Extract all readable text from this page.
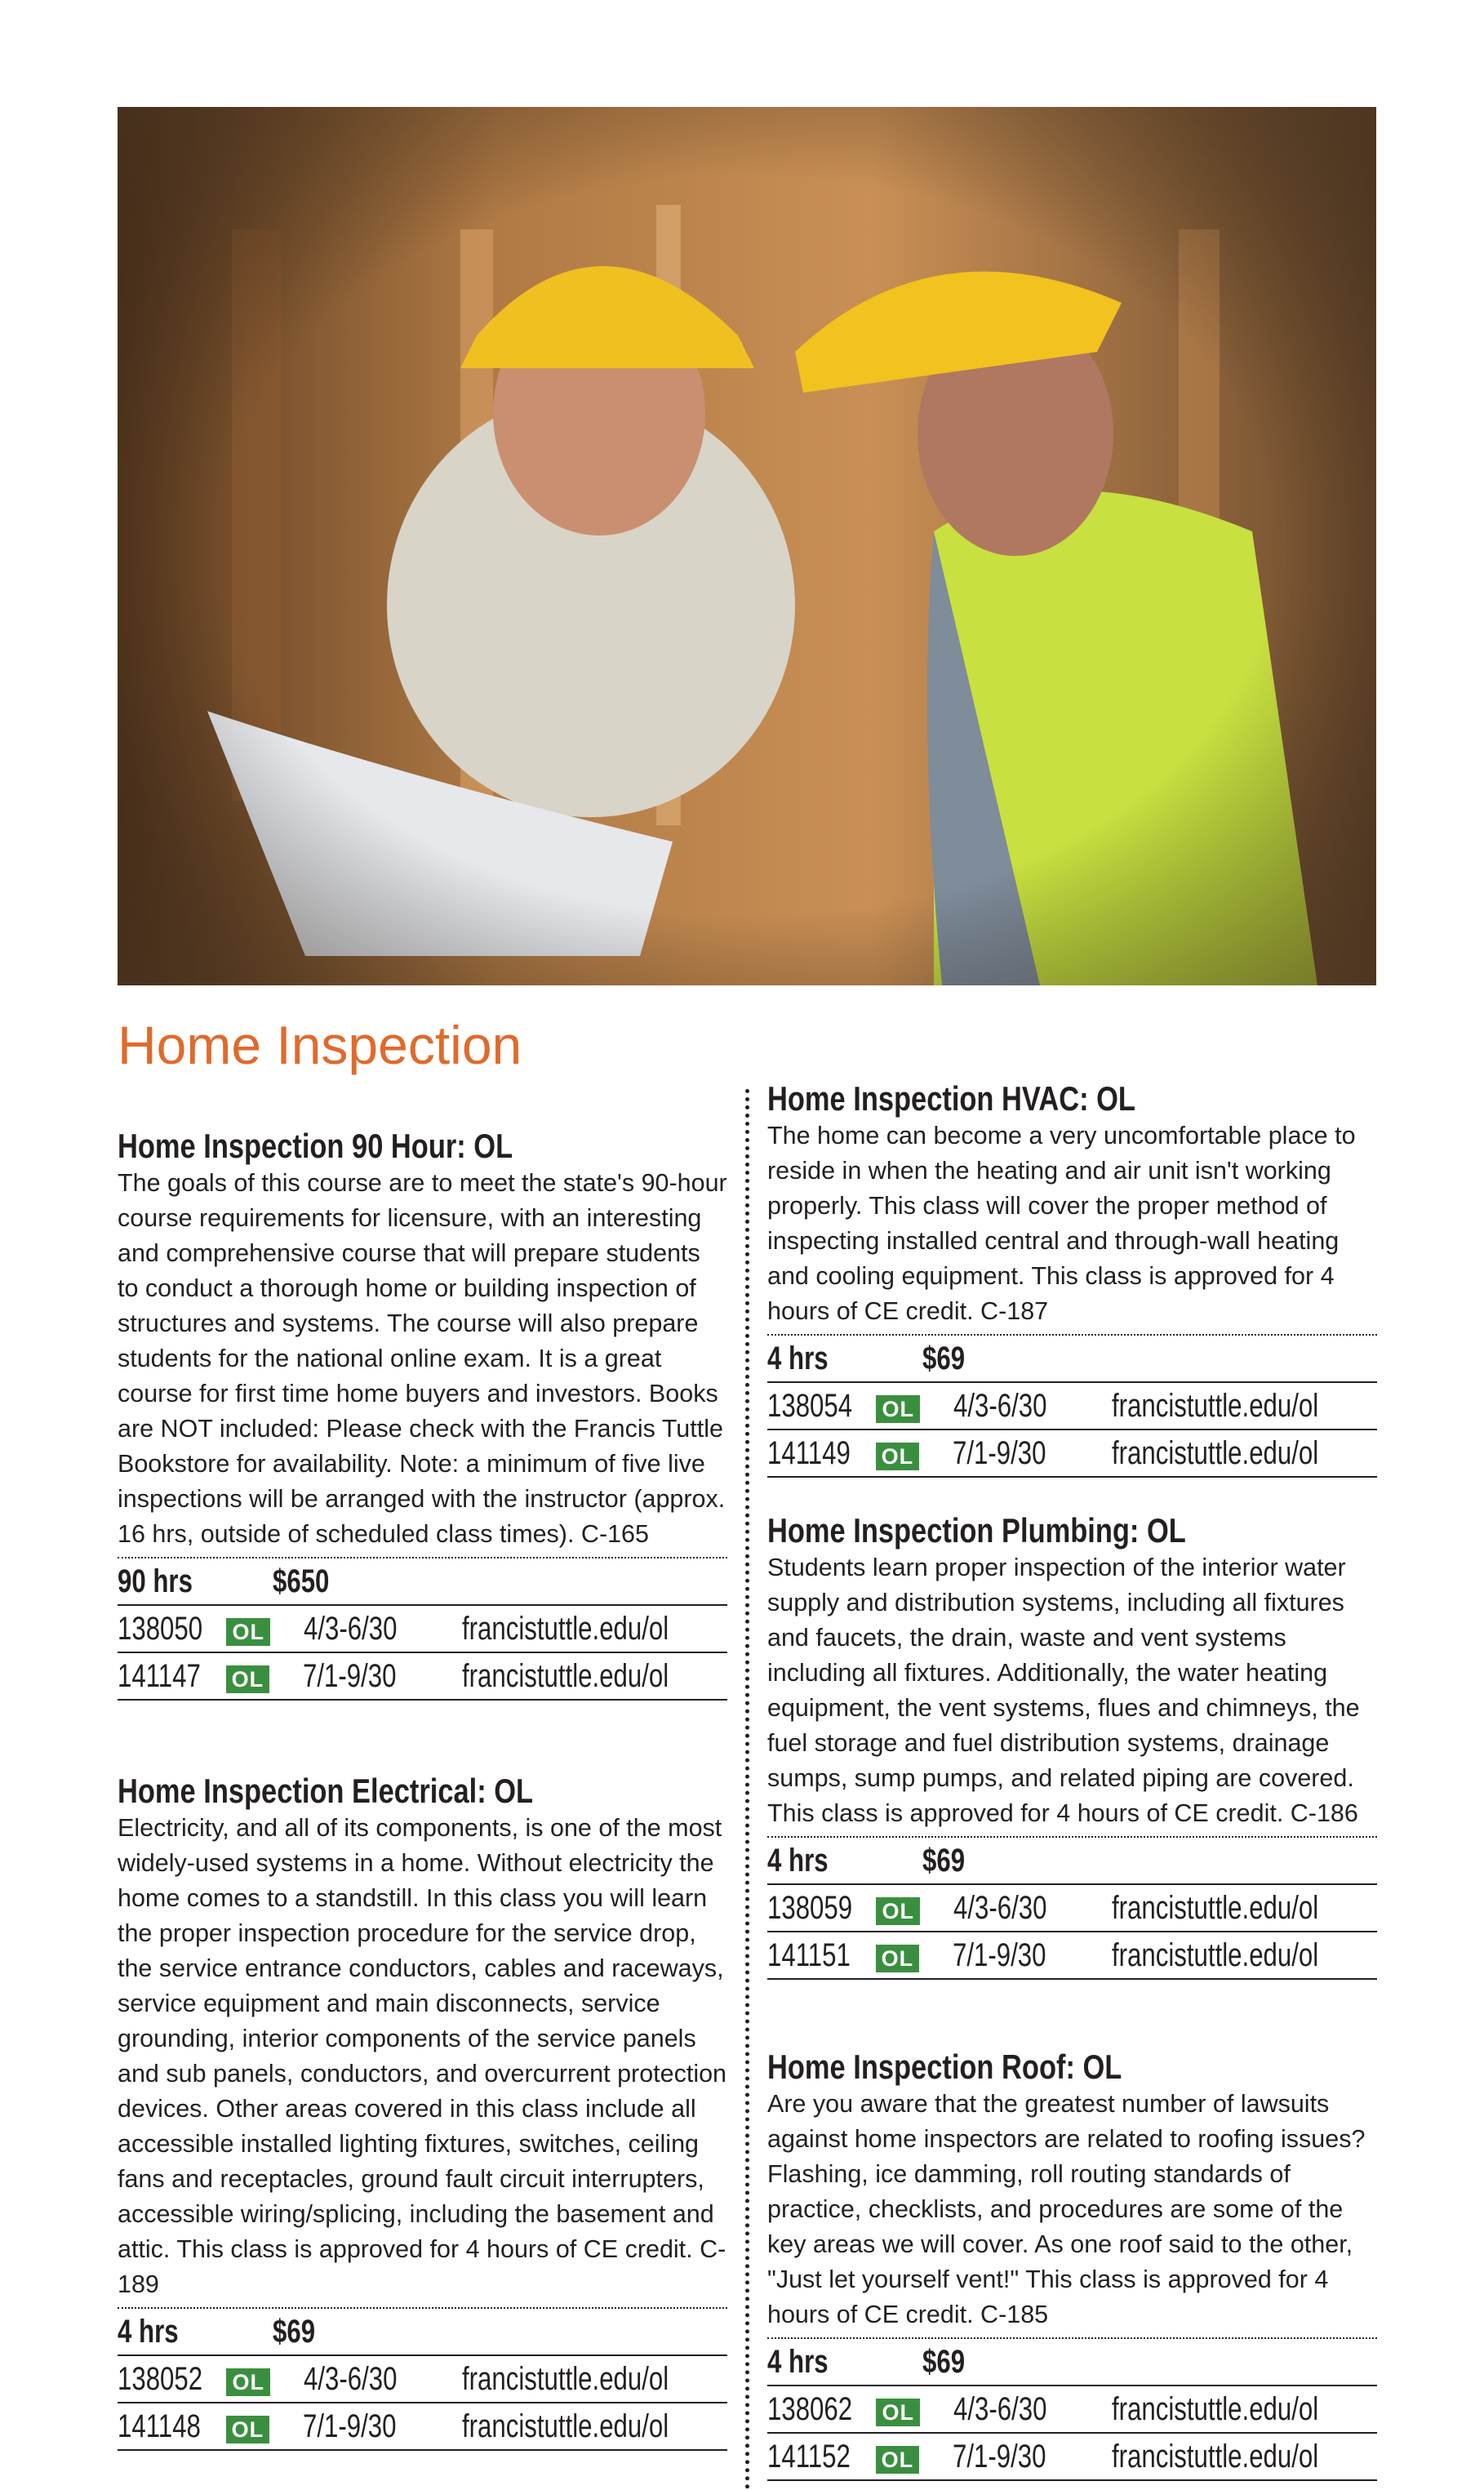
Home Inspection
Home Inspection 90 Hour: OL

The goals of this course are to meet the state's 90-hour course requirements for licensure, with an interesting and comprehensive course that will prepare students to conduct a thorough home or building inspection of structures and systems. The course will also prepare students for the national online exam. It is a great course for first time home buyers and investors. Books are NOT included: Please check with the Francis Tuttle Bookstore for availability. Note: a minimum of five live inspections will be arranged with the instructor (approx. 16 hrs, outside of scheduled class times). C-165

90 hrs	$650
138050	OL	4/3-6/30	francistuttle.edu/ol
141147	OL	7/1-9/30	francistuttle.edu/ol
Home Inspection Electrical: OL

Electricity, and all of its components, is one of the most widely-used systems in a home. Without electricity the home comes to a standstill. In this class you will learn the proper inspection procedure for the service drop, the service entrance conductors, cables and raceways, service equipment and main disconnects, service grounding, interior components of the service panels and sub panels, conductors, and overcurrent protection devices. Other areas covered in this class include all accessible installed lighting fixtures, switches, ceiling fans and receptacles, ground fault circuit interrupters, accessible wiring/splicing, including the basement and attic. This class is approved for 4 hours of CE credit. C-189

4 hrs	$69
138052	OL	4/3-6/30	francistuttle.edu/ol
141148	OL	7/1-9/30	francistuttle.edu/ol
Home Inspection HVAC: OL

The home can become a very uncomfortable place to reside in when the heating and air unit isn't working properly. This class will cover the proper method of inspecting installed central and through-wall heating and cooling equipment. This class is approved for 4 hours of CE credit. C-187

4 hrs	$69
138054	OL	4/3-6/30	francistuttle.edu/ol
141149	OL	7/1-9/30	francistuttle.edu/ol
Home Inspection Plumbing: OL

Students learn proper inspection of the interior water supply and distribution systems, including all fixtures and faucets, the drain, waste and vent systems including all fixtures. Additionally, the water heating equipment, the vent systems, flues and chimneys, the fuel storage and fuel distribution systems, drainage sumps, sump pumps, and related piping are covered. This class is approved for 4 hours of CE credit. C-186

4 hrs	$69
138059	OL	4/3-6/30	francistuttle.edu/ol
141151	OL	7/1-9/30	francistuttle.edu/ol
Home Inspection Roof: OL

Are you aware that the greatest number of lawsuits against home inspectors are related to roofing issues? Flashing, ice damming, roll routing standards of practice, checklists, and procedures are some of the key areas we will cover. As one roof said to the other, "Just let yourself vent!" This class is approved for 4 hours of CE credit. C-185

4 hrs	$69
138062	OL	4/3-6/30	francistuttle.edu/ol
141152	OL	7/1-9/30	francistuttle.edu/ol
